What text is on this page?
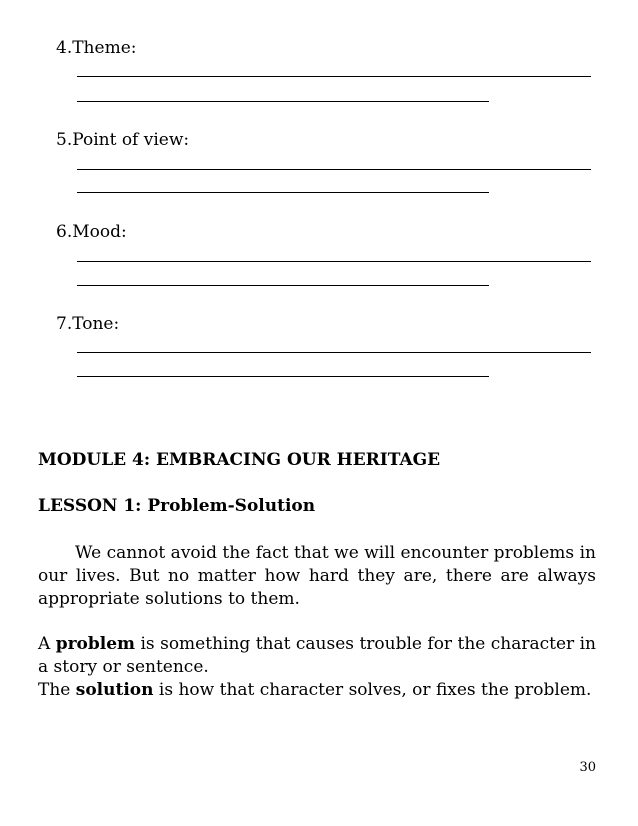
4.Theme:
5.Point of view:
6.Mood:
7.Tone:
MODULE 4: EMBRACING OUR HERITAGE
LESSON 1: Problem-Solution

We cannot avoid the fact that we will encounter problems in our lives. But no matter how hard they are, there are always appropriate solutions to them.

A problem is something that causes trouble for the character in a story or sentence.

The solution is how that character solves, or fixes the problem.

30
